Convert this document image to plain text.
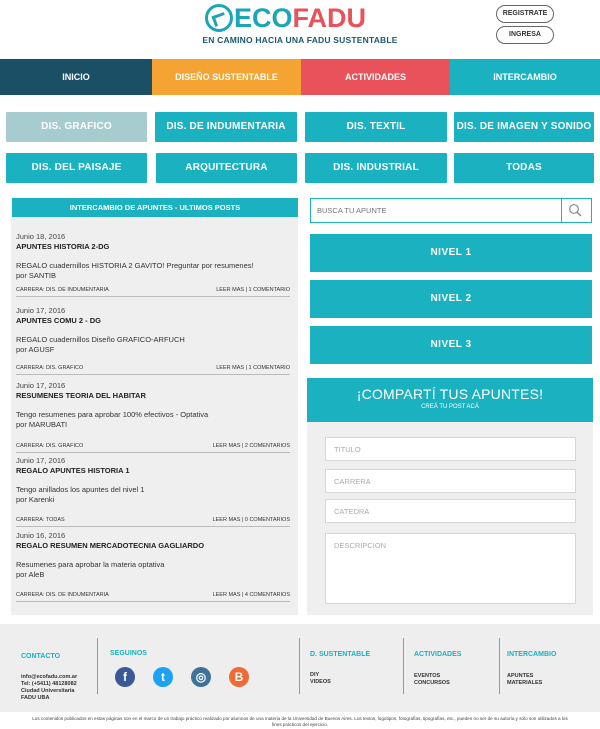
ECOFADU
EN CAMINO HACIA UNA FADU SUSTENTABLE
REGISTRATE
INGRESA
INICIO	DISEÑO SUSTENTABLE	ACTIVIDADES	INTERCAMBIO
DIS. GRAFICO	DIS. DE INDUMENTARIA	DIS. TEXTIL	DIS. DE IMAGEN Y SONIDO
DIS. DEL PAISAJE	ARQUITECTURA	DIS. INDUSTRIAL	TODAS
INTERCAMBIO DE APUNTES - ULTIMOS POSTS
Junio 18, 2016
APUNTES HISTORIA 2-DG
REGALO cuadernillos HISTORIA 2 GAVITO! Preguntar por resumenes!
por SANTIB
CARRERA: DIS. DE INDUMENTARIA	LEER MAS | 1 COMENTARIO
Junio 17, 2016
APUNTES COMU 2 - DG
REGALO cuadernillos Diseño GRAFICO-ARFUCH
por AGUSF
CARRERA: DIS. GRAFICO	LEER MAS | 1 COMENTARIO
Junio 17, 2016
RESUMENES TEORIA DEL HABITAR
Tengo resumenes para aprobar 100% efectivos - Optativa
por MARUBATI
CARRERA: DIS. GRAFICO	LEER MAS | 2 COMENTARIOS
Junio 17, 2016
REGALO APUNTES HISTORIA 1
Tengo anillados los apuntes del nivel 1
por Karenki
CARRERA: TODAS	LEER MAS | 0 COMENTARIOS
Junio 16, 2016
REGALO RESUMEN MERCADOTECNIA GAGLIARDO
Resumenes para aprobar la materia optativa
por AleB
CARRERA: DIS. DE INDUMENTARIA	LEER MAS | 4 COMENTARIOS
BUSCA TU APUNTE
NIVEL 1
NIVEL 2
NIVEL 3
¡COMPARTÍ TUS APUNTES!
CREÁ TU POST ACÁ
TITULO
CARRERA
CATEDRA
DESCRIPCION
CONTACTO
info@ecofadu.com.ar
Tel: (+5411) 48128082
Ciudad Universitaria
FADU UBA
SEGUINOS
f	t	◎	B
D. SUSTENTABLE
DIY
VIDEOS
ACTIVIDADES
EVENTOS
CONCURSOS
INTERCAMBIO
APUNTES
MATERIALES
Los contenidos publicados en estas páginas son en el marco de un trabajo práctico realizado por alumnos de una materia de la Universidad de Buenos Aires. Los textos, logotipos, fotografías, tipografías, etc., pueden no ser de su autoría y sólo son utilizados a los fines prácticos del ejercicio.
